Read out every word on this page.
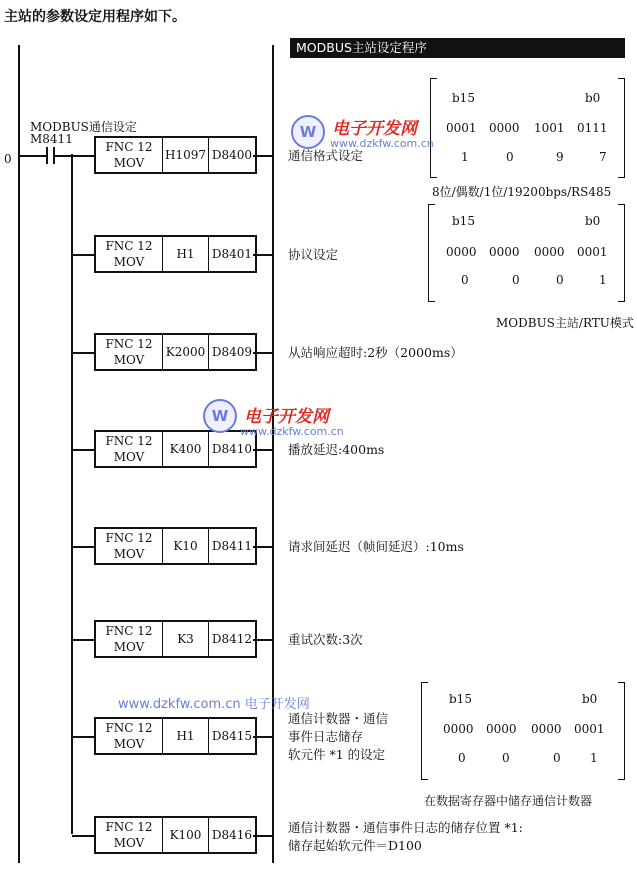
主站的参数设定用程序如下。
MODBUS主站设定程序
0
MODBUS通信设定
M8411
FNC 12
MOV
H1097 D8400	通信格式设定
FNC 12
MOV
H1	D8401	协议设定
FNC 12
MOV
K2000 D8409	从站响应超时:2秒（2000ms）
FNC 12
MOV
K400 D8410	播放延迟:400ms
FNC 12
MOV
K10	D8411	请求间延迟（帧间延迟）:10ms
FNC 12
MOV
K3	D8412	重试次数:3次
FNC 12
MOV
H1	D8415
通信计数器・通信
事件日志储存
软元件 *1 的设定
FNC 12
MOV
K100 D8416	通信计数器・通信事件日志的储存位置 *1:
储存起始软元件＝D100
b15	b0
0001 0000 1001 0111
1	0	9	7
8位/偶数/1位/19200bps/RS485
b15	b0
0000 0000 0000 0001
0	0	0	1
MODBUS主站/RTU模式
b15	b0
0000 0000 0000 0001
0	0	0 1
在数据寄存器中储存通信计数器
W 电子开发网
www.dzkfw.com.cn
W 电子开发网
www.dzkfw.com.cn
www.dzkfw.com.cn 电子开发网
